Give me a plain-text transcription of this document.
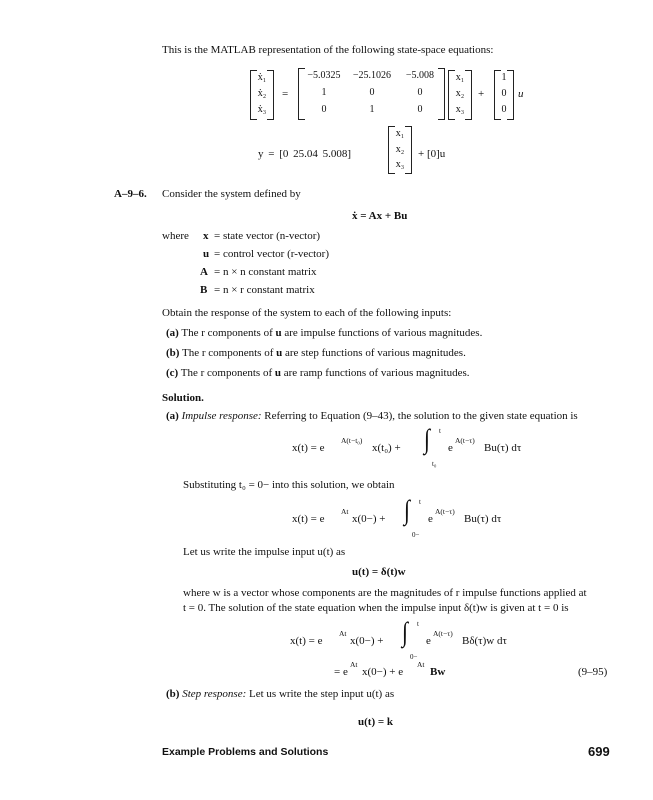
This is the MATLAB representation of the following state-space equations:
ẋ₁
ẋ₂
ẋ₃
=
−5.0325	−25.1026	−5.008
1	0	0
0	1	0
x₁
x₂
x₃
+
1
0
0
u
y = [0 25.04 5.008]
x₁
x₂
x₃
+ [0]u
A–9–6. Consider the system defined by
ẋ = Ax + Bu
where x = state vector (n-vector)
u = control vector (r-vector)
A = n × n constant matrix
B = n × r constant matrix
Obtain the response of the system to each of the following inputs:
(a) The r components of u are impulse functions of various magnitudes.
(b) The r components of u are step functions of various magnitudes.
(c) The r components of u are ramp functions of various magnitudes.
Solution.
(a) Impulse response: Referring to Equation (9–43), the solution to the given state equation is
x(t) = e
A(t−t₀)
x(t₀) + ∫ t
t₀
e
A(t−τ)
Bu(τ) dτ
Substituting t₀ = 0− into this solution, we obtain
x(t) = e
At
x(0−) + ∫ t
0−
e
A(t−τ)
Bu(τ) dτ
Let us write the impulse input u(t) as
u(t) = δ(t)w
where w is a vector whose components are the magnitudes of r impulse functions applied at
t = 0. The solution of the state equation when the impulse input δ(t)w is given at t = 0 is
x(t) = e
At
x(0−) + ∫ t
0−
e
A(t−τ)
Bδ(τ)w dτ
= e
At
x(0−) + e
At
Bw	(9–95)
(b) Step response: Let us write the step input u(t) as
u(t) = k
Example Problems and Solutions	699
